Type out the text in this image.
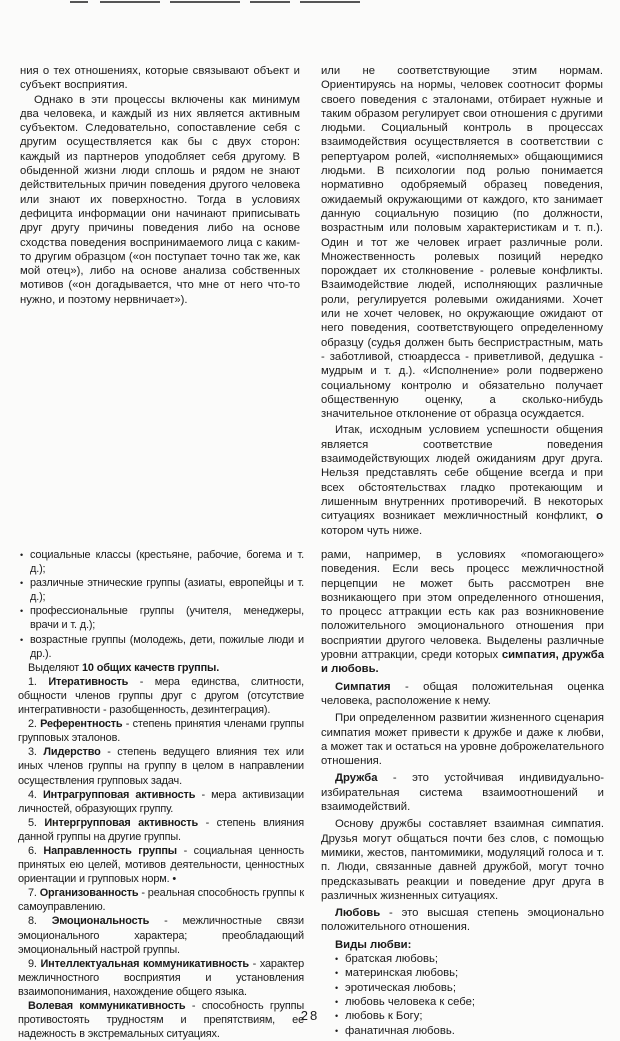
ния о тех отношениях, которые связывают объект и субъект восприятия.

Однако в эти процессы включены как минимум два человека, и каждый из них является активным субъектом. Следовательно, сопоставление себя с другим осуществляется как бы с двух сторон: каждый из партнеров уподобляет себя другому. В обыденной жизни люди сплошь и рядом не знают действительных причин поведения другого человека или знают их поверхностно. Тогда в условиях дефицита информации они начинают приписывать друг другу причины поведения либо на основе сходства поведения воспринимаемого лица с каким-то другим образцом («он поступает точно так же, как мой отец»), либо на основе анализа собственных мотивов («он догадывается, что мне от него что-то нужно, и поэтому нервничает»).

или не соответствующие этим нормам. Ориентируясь на нормы, человек соотносит формы своего поведения с эталонами, отбирает нужные и таким образом регулирует свои отношения с другими людьми. Социальный контроль в процессах взаимодействия осуществляется в соответствии с репертуаром ролей, «исполняемых» общающимися людьми. В психологии под ролью понимается нормативно одобряемый образец поведения, ожидаемый окружающими от каждого, кто занимает данную социальную позицию (по должности, возрастным или половым характеристикам и т. п.). Один и тот же человек играет различные роли. Множественность ролевых позиций нередко порождает их столкновение - ролевые конфликты. Взаимодействие людей, исполняющих различные роли, регулируется ролевыми ожиданиями. Хочет или не хочет человек, но окружающие ожидают от него поведения, соответствующего определенному образцу (судья должен быть беспристрастным, мать - заботливой, стюардесса - приветливой, дедушка - мудрым и т. д.). «Исполнение» роли подвержено социальному контролю и обязательно получает общественную оценку, а сколько-нибудь значительное отклонение от образца осуждается.

Итак, исходным условием успешности общения является соответствие поведения взаимодействующих людей ожиданиям друг друга. Нельзя представлять себе общение всегда и при всех обстоятельствах гладко протекающим и лишенным внутренних противоречий. В некоторых ситуациях возникает межличностный конфликт, о котором чуть ниже.

• социальные классы (крестьяне, рабочие, богема и т. д.);
• различные этнические группы (азиаты, европейцы и т. д.);
• профессиональные группы (учителя, менеджеры, врачи и т. д.);
• возрастные группы (молодежь, дети, пожилые люди и др.).

Выделяют 10 общих качеств группы.

1. Итеративность - мера единства, слитности, общности членов группы друг с другом (отсутствие интегративности - разобщенность, дезинтеграция).

2. Референтность - степень принятия членами группы групповых эталонов.

3. Лидерство - степень ведущего влияния тех или иных членов группы на группу в целом в направлении осуществления групповых задач.

4. Интрагрупповая активность - мера активизации личностей, образующих группу.

5. Интергрупповая активность - степень влияния данной группы на другие группы.

6. Направленность группы - социальная ценность принятых ею целей, мотивов деятельности, ценностных ориентации и групповых норм. •

7. Организованность - реальная способность группы к самоуправлению.

8. Эмоциональность - межличностные связи эмоционального характера; преобладающий эмоциональный настрой группы.

9. Интеллектуальная коммуникативность - характер межличностного восприятия и установления взаимопонимания, нахождение общего языка.

Волевая коммуникативность - способность группы противостоять трудностям и препятствиям, ее надежность в экстремальных ситуациях.

рами, например, в условиях «помогающего» поведения. Если весь процесс межличностной перцепции не может быть рассмотрен вне возникающего при этом определенного отношения, то процесс аттракции есть как раз возникновение положительного эмоционального отношения при восприятии другого человека. Выделены различные уровни аттракции, среди которых симпатия, дружба и любовь.

Симпатия - общая положительная оценка человека, расположение к нему.

При определенном развитии жизненного сценария симпатия может привести к дружбе и даже к любви, а может так и остаться на уровне доброжелательного отношения.

Дружба - это устойчивая индивидуально-избирательная система взаимоотношений и взаимодействий.

Основу дружбы составляет взаимная симпатия. Друзья могут общаться почти без слов, с помощью мимики, жестов, пантомимики, модуляций голоса и т. п. Люди, связанные давней дружбой, могут точно предсказывать реакции и поведение друг друга в различных жизненных ситуациях.

Любовь - это высшая степень эмоционально положительного отношения.

Виды любви:

• братская любовь;
• материнская любовь;
• эротическая любовь;
• любовь человека к себе;
• любовь к Богу;
• фанатичная любовь.
28
